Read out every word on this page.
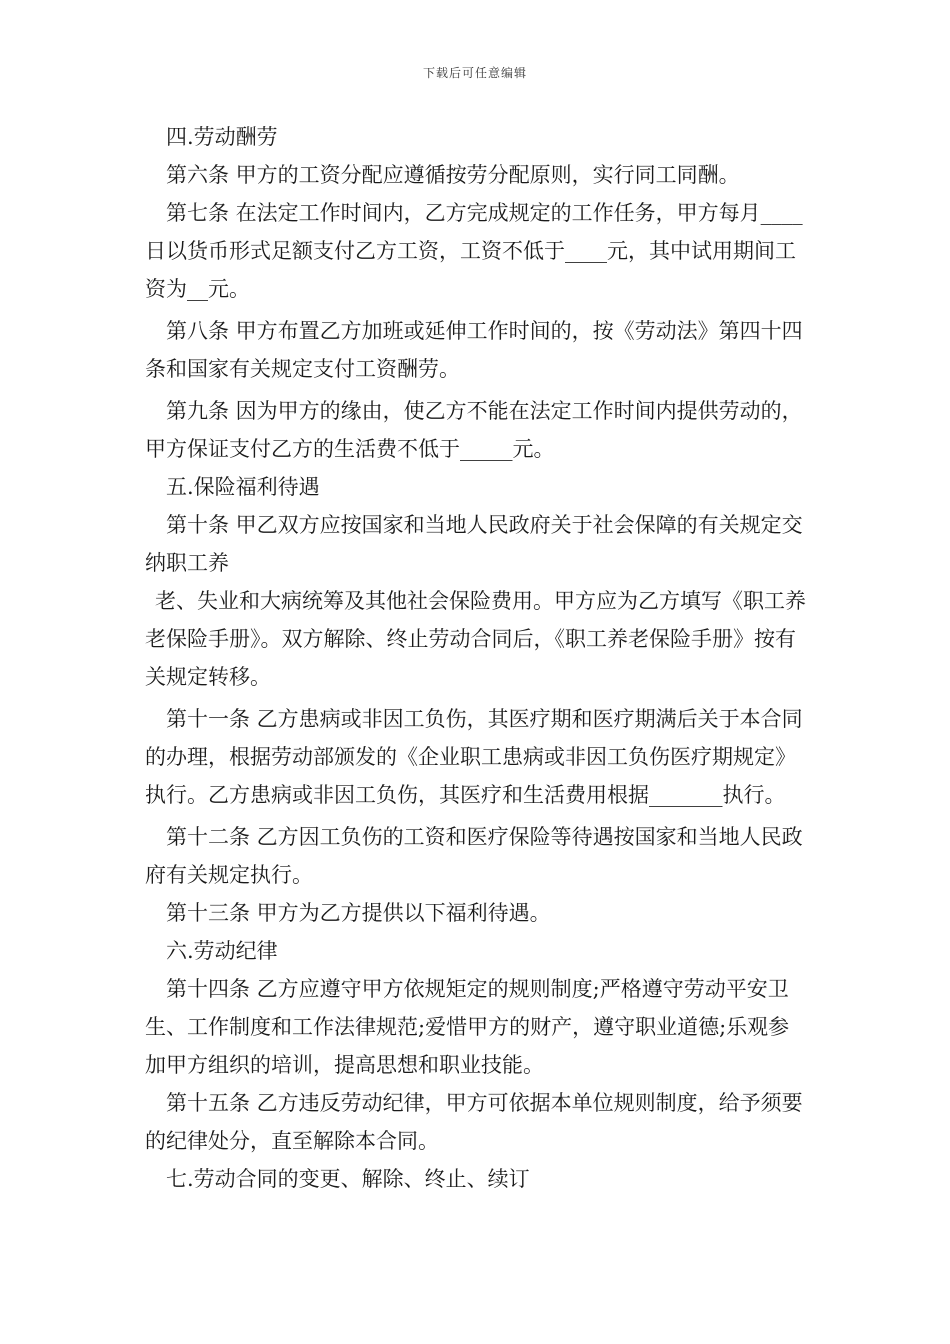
下载后可任意编辑

四.劳动酬劳

第六条 甲方的工资分配应遵循按劳分配原则，实行同工同酬。

第七条 在法定工作时间内，乙方完成规定的工作任务，甲方每月____日以货币形式足额支付乙方工资，工资不低于____元，其中试用期间工资为__元。

第八条 甲方布置乙方加班或延伸工作时间的，按《劳动法》第四十四条和国家有关规定支付工资酬劳。

第九条 因为甲方的缘由，使乙方不能在法定工作时间内提供劳动的，甲方保证支付乙方的生活费不低于_____元。

五.保险福利待遇

第十条 甲乙双方应按国家和当地人民政府关于社会保障的有关规定交纳职工养

老、失业和大病统筹及其他社会保险费用。甲方应为乙方填写《职工养老保险手册》。双方解除、终止劳动合同后，《职工养老保险手册》按有关规定转移。

第十一条 乙方患病或非因工负伤，其医疗期和医疗期满后关于本合同的办理，根据劳动部颁发的《企业职工患病或非因工负伤医疗期规定》执行。乙方患病或非因工负伤，其医疗和生活费用根据_______执行。

第十二条 乙方因工负伤的工资和医疗保险等待遇按国家和当地人民政府有关规定执行。

第十三条 甲方为乙方提供以下福利待遇。

六.劳动纪律

第十四条 乙方应遵守甲方依规矩定的规则制度;严格遵守劳动平安卫生、工作制度和工作法律规范;爱惜甲方的财产，遵守职业道德;乐观参加甲方组织的培训，提高思想和职业技能。

第十五条 乙方违反劳动纪律，甲方可依据本单位规则制度，给予须要的纪律处分，直至解除本合同。

七.劳动合同的变更、解除、终止、续订
